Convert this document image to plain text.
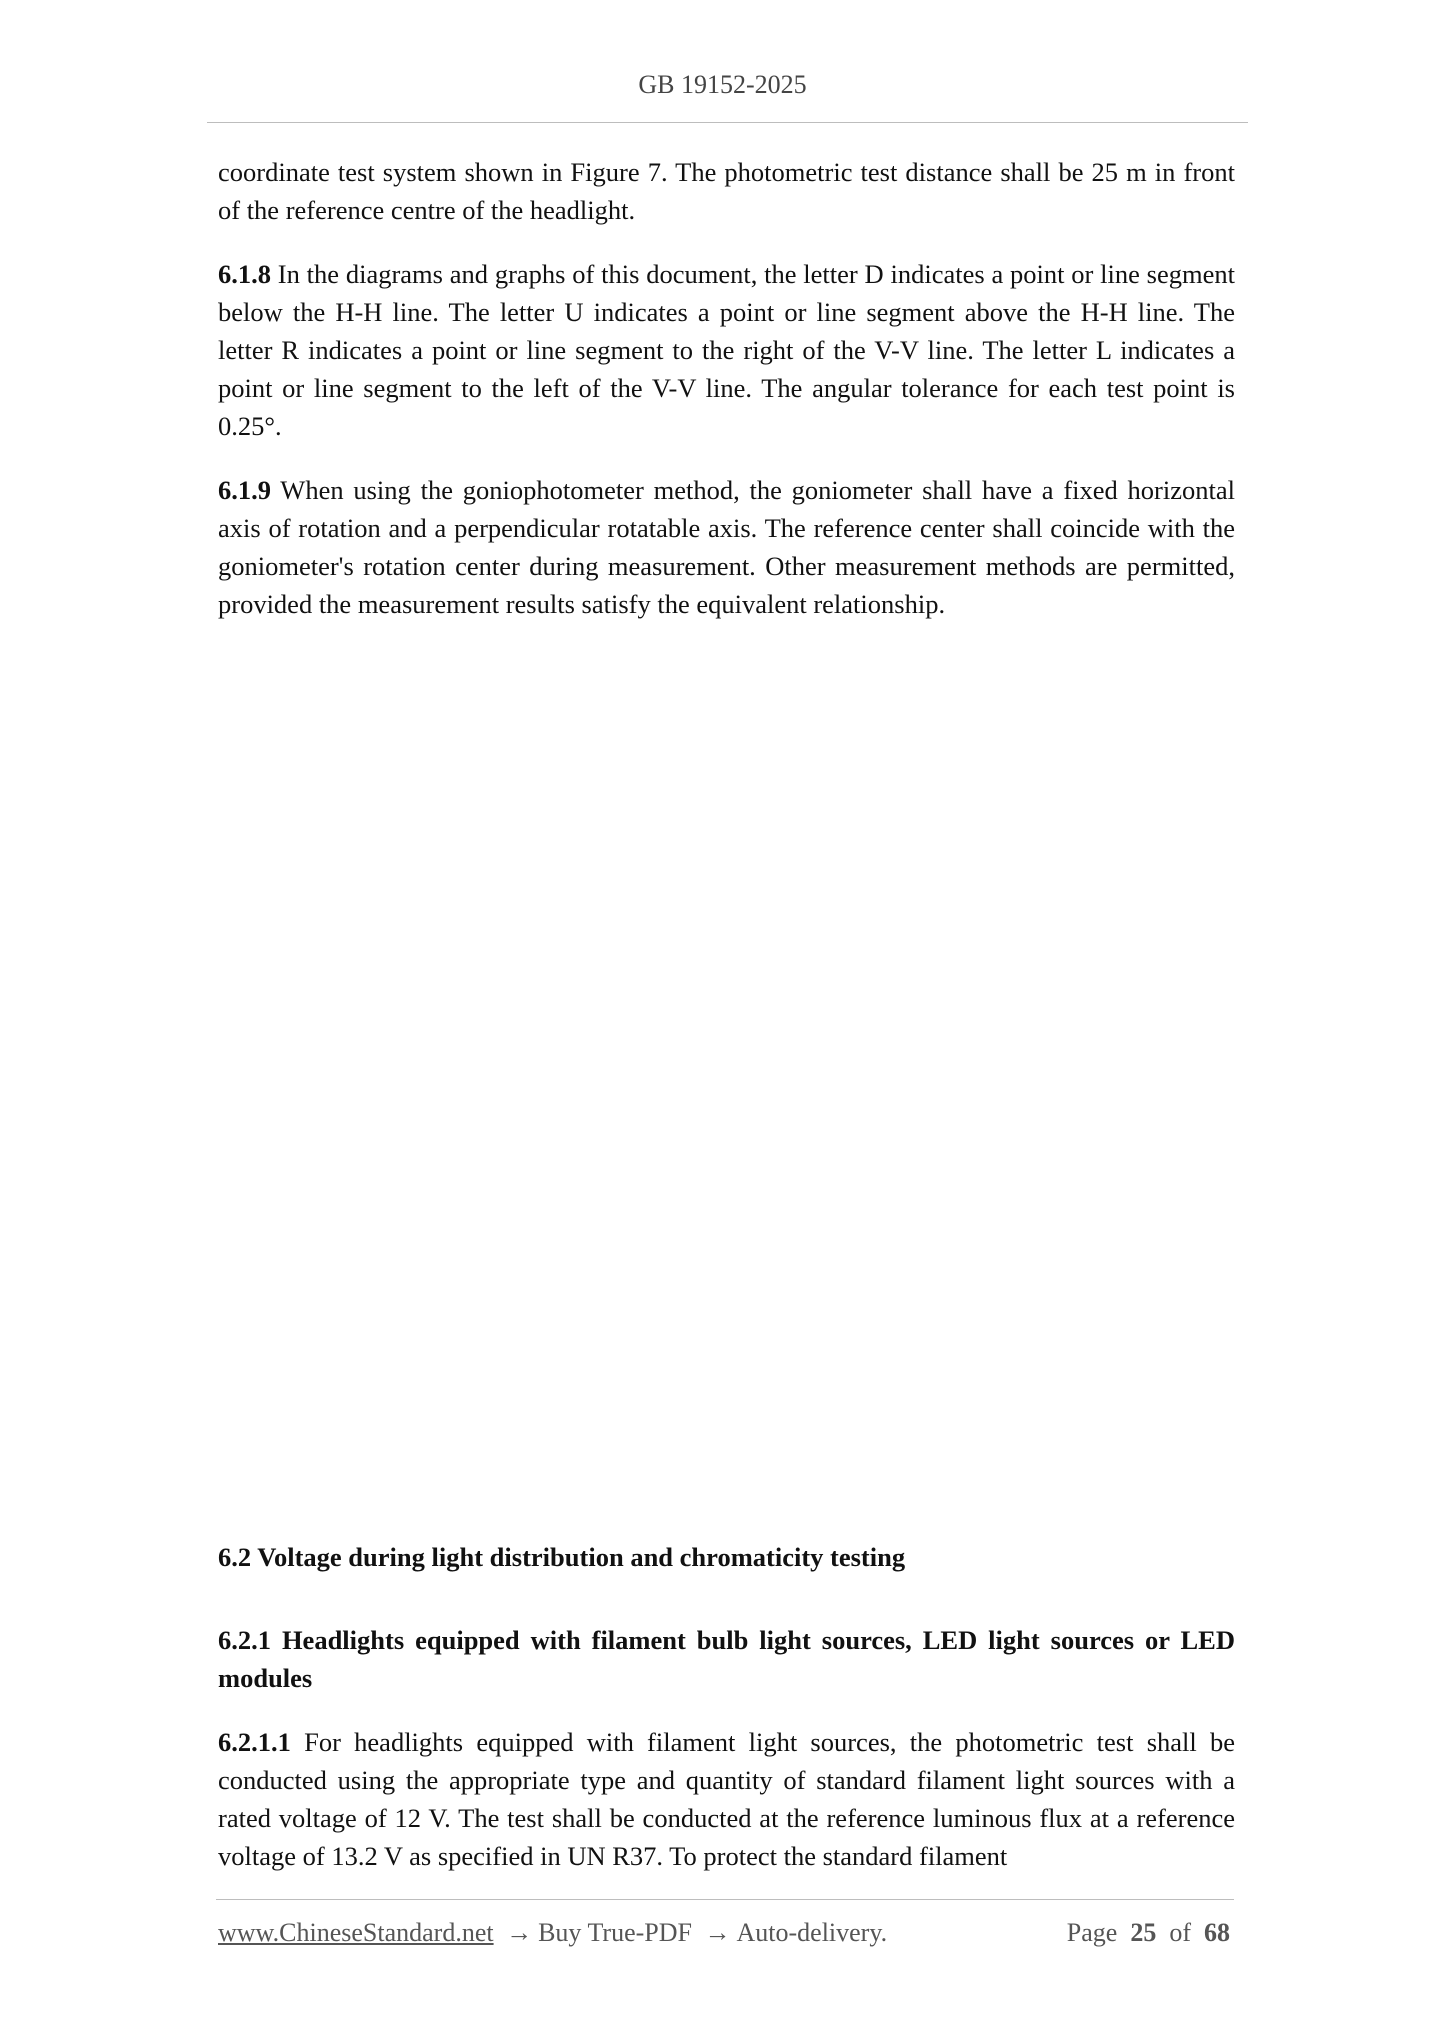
GB 19152-2025

coordinate test system shown in Figure 7. The photometric test distance shall be 25 m in front of the reference centre of the headlight.

6.1.8 In the diagrams and graphs of this document, the letter D indicates a point or line segment below the H-H line. The letter U indicates a point or line segment above the H-H line. The letter R indicates a point or line segment to the right of the V-V line. The letter L indicates a point or line segment to the left of the V-V line. The angular tolerance for each test point is 0.25°.

6.1.9 When using the goniophotometer method, the goniometer shall have a fixed horizontal axis of rotation and a perpendicular rotatable axis. The reference center shall coincide with the goniometer's rotation center during measurement. Other measurement methods are permitted, provided the measurement results satisfy the equivalent relationship.

6.2 Voltage during light distribution and chromaticity testing

6.2.1 Headlights equipped with filament bulb light sources, LED light sources or LED modules

6.2.1.1 For headlights equipped with filament light sources, the photometric test shall be conducted using the appropriate type and quantity of standard filament light sources with a rated voltage of 12 V. The test shall be conducted at the reference luminous flux at a reference voltage of 13.2 V as specified in UN R37. To protect the standard filament

www.ChineseStandard.net → Buy True-PDF → Auto-delivery.	Page 25 of 68
